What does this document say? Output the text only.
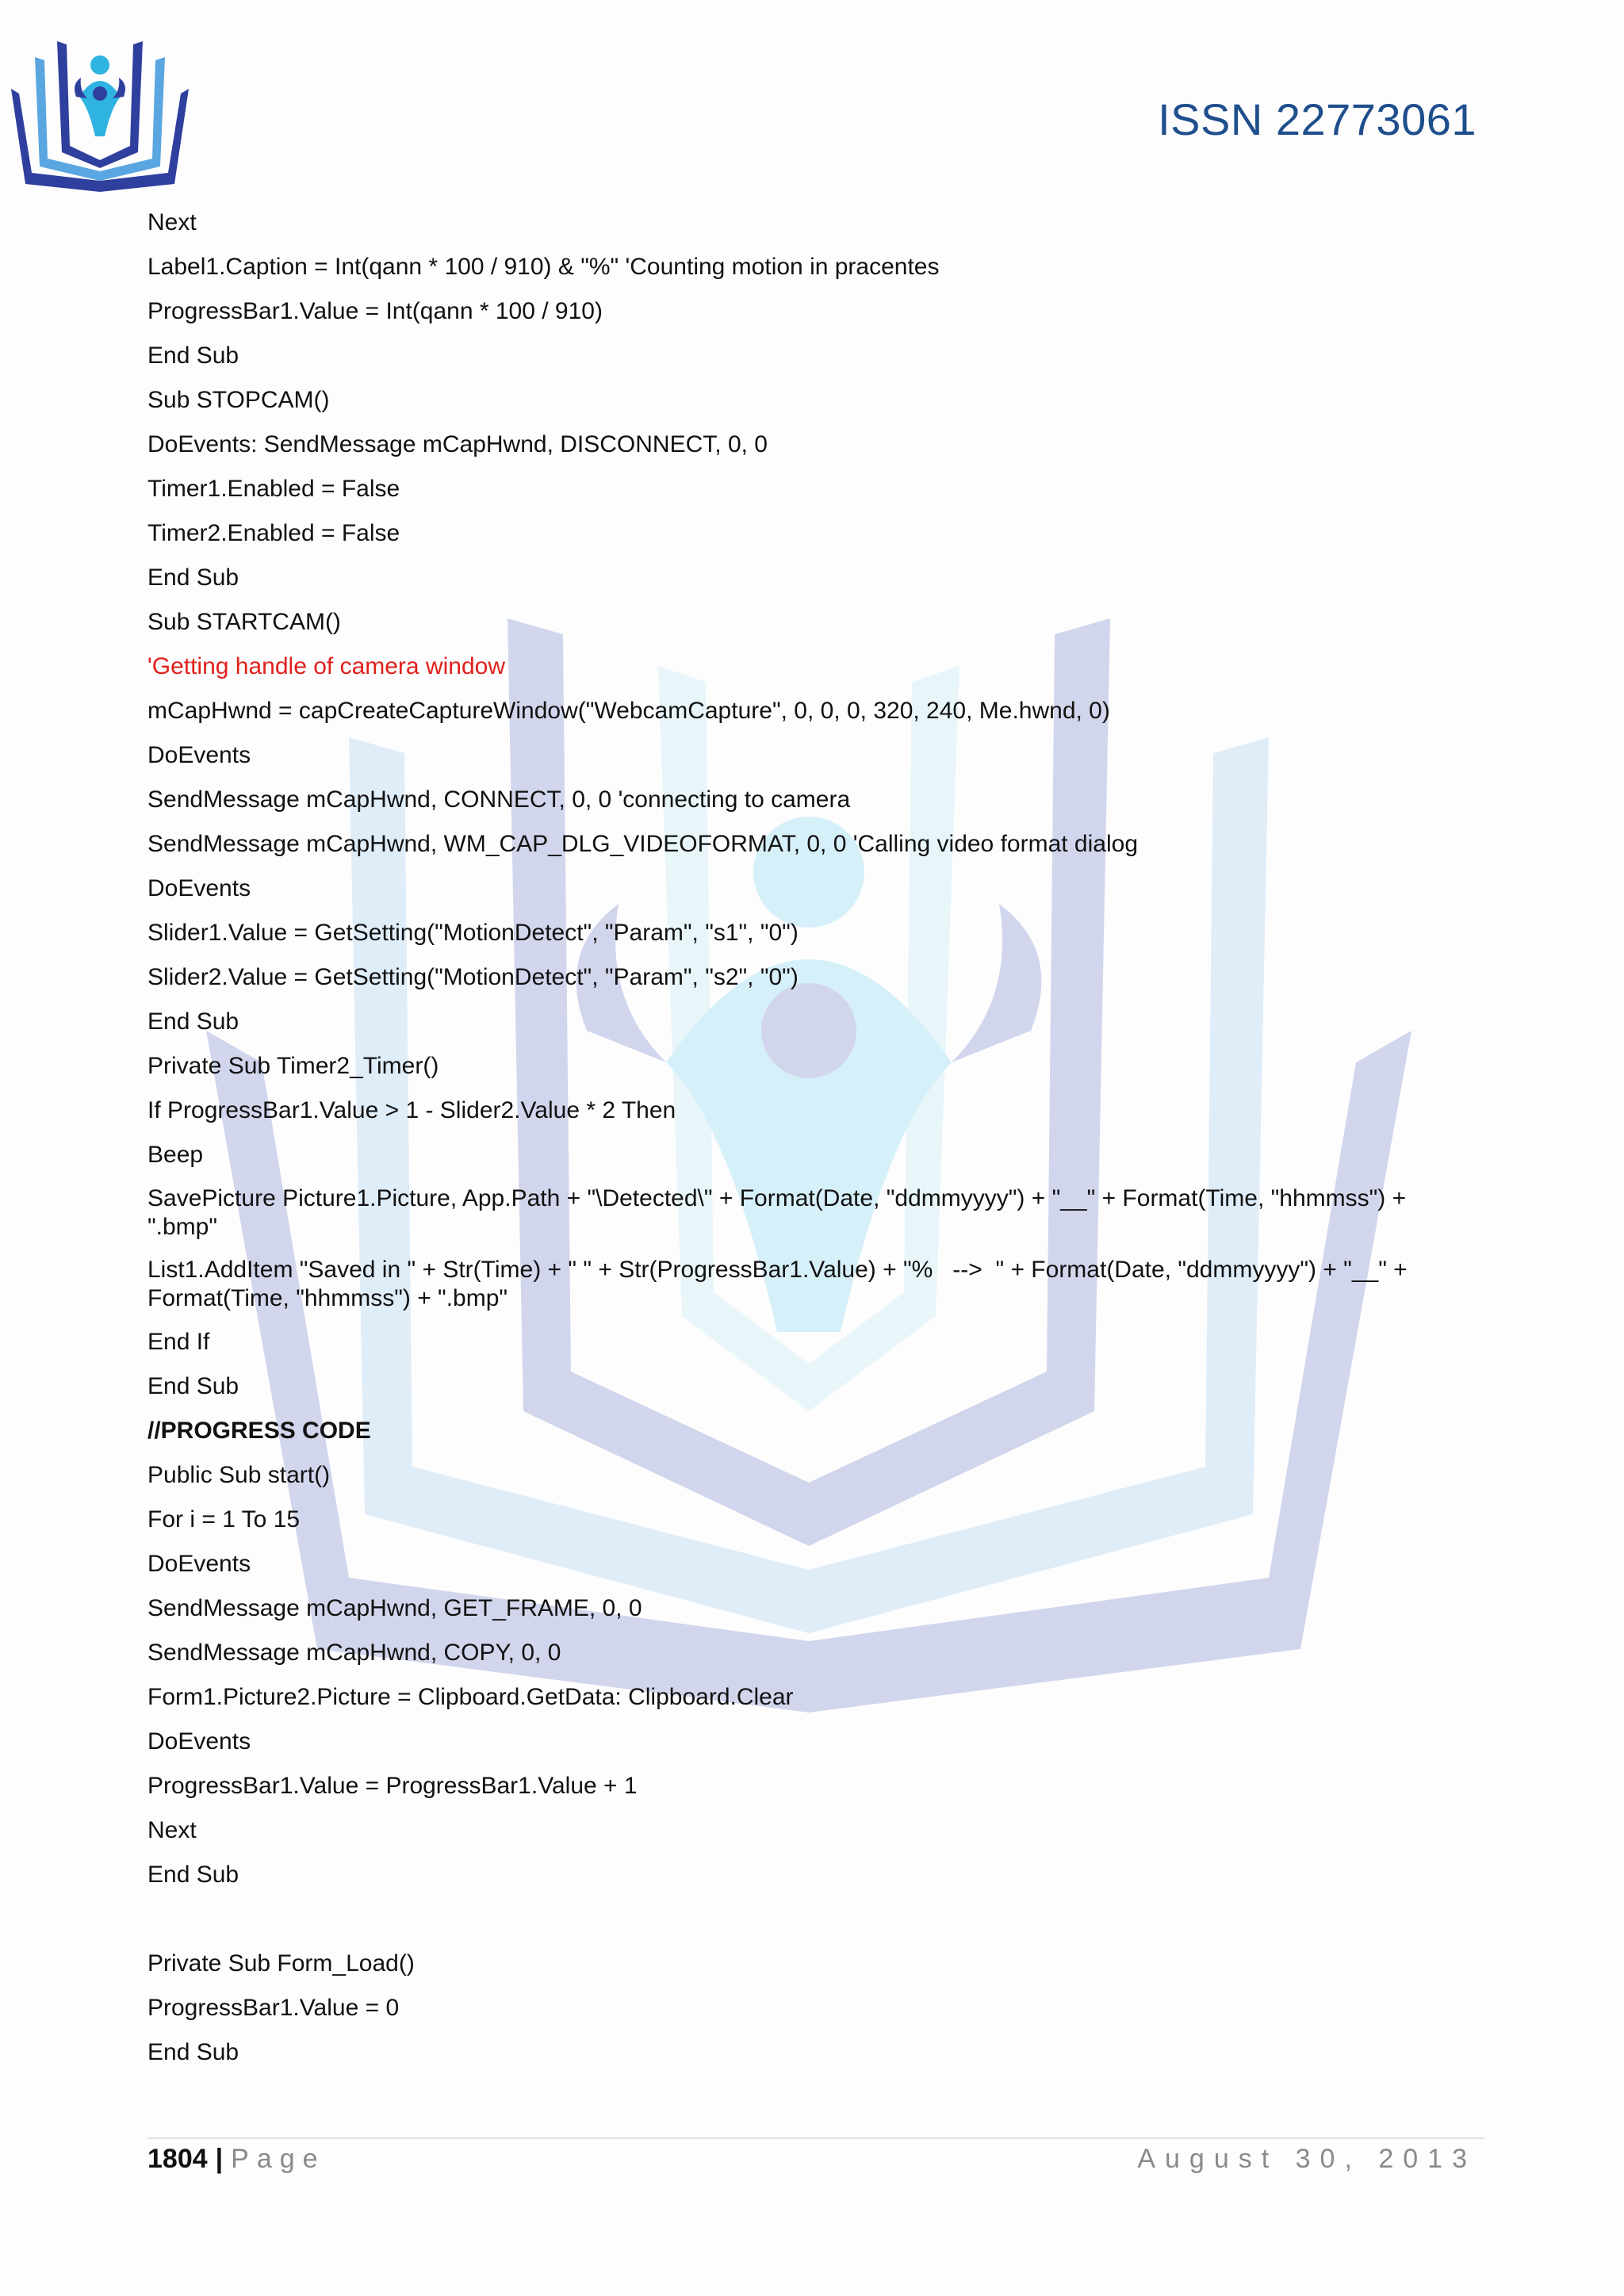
ISSN 22773061

Next

Label1.Caption = Int(qann * 100 / 910) & "%" 'Counting motion in pracentes

ProgressBar1.Value = Int(qann * 100 / 910)

End Sub

Sub STOPCAM()

DoEvents: SendMessage mCapHwnd, DISCONNECT, 0, 0

Timer1.Enabled = False

Timer2.Enabled = False

End Sub

Sub STARTCAM()

'Getting handle of camera window

mCapHwnd = capCreateCaptureWindow("WebcamCapture", 0, 0, 0, 320, 240, Me.hwnd, 0)

DoEvents

SendMessage mCapHwnd, CONNECT, 0, 0 'connecting to camera

SendMessage mCapHwnd, WM_CAP_DLG_VIDEOFORMAT, 0, 0 'Calling video format dialog

DoEvents

Slider1.Value = GetSetting("MotionDetect", "Param", "s1", "0")

Slider2.Value = GetSetting("MotionDetect", "Param", "s2", "0")

End Sub

Private Sub Timer2_Timer()

If ProgressBar1.Value > 1 - Slider2.Value * 2 Then

Beep

SavePicture Picture1.Picture, App.Path + "\Detected\" + Format(Date, "ddmmyyyy") + "__" + Format(Time, "hhmmss") + ".bmp"

List1.AddItem "Saved in " + Str(Time) + " " + Str(ProgressBar1.Value) + "%   -->  " + Format(Date, "ddmmyyyy") + "__" + Format(Time, "hhmmss") + ".bmp"

End If

End Sub

//PROGRESS CODE

Public Sub start()

For i = 1 To 15

DoEvents

SendMessage mCapHwnd, GET_FRAME, 0, 0

SendMessage mCapHwnd, COPY, 0, 0

Form1.Picture2.Picture = Clipboard.GetData: Clipboard.Clear

DoEvents

ProgressBar1.Value = ProgressBar1.Value + 1

Next

End Sub

Private Sub Form_Load()

ProgressBar1.Value = 0

End Sub

1804 | Page	August 30, 2013
